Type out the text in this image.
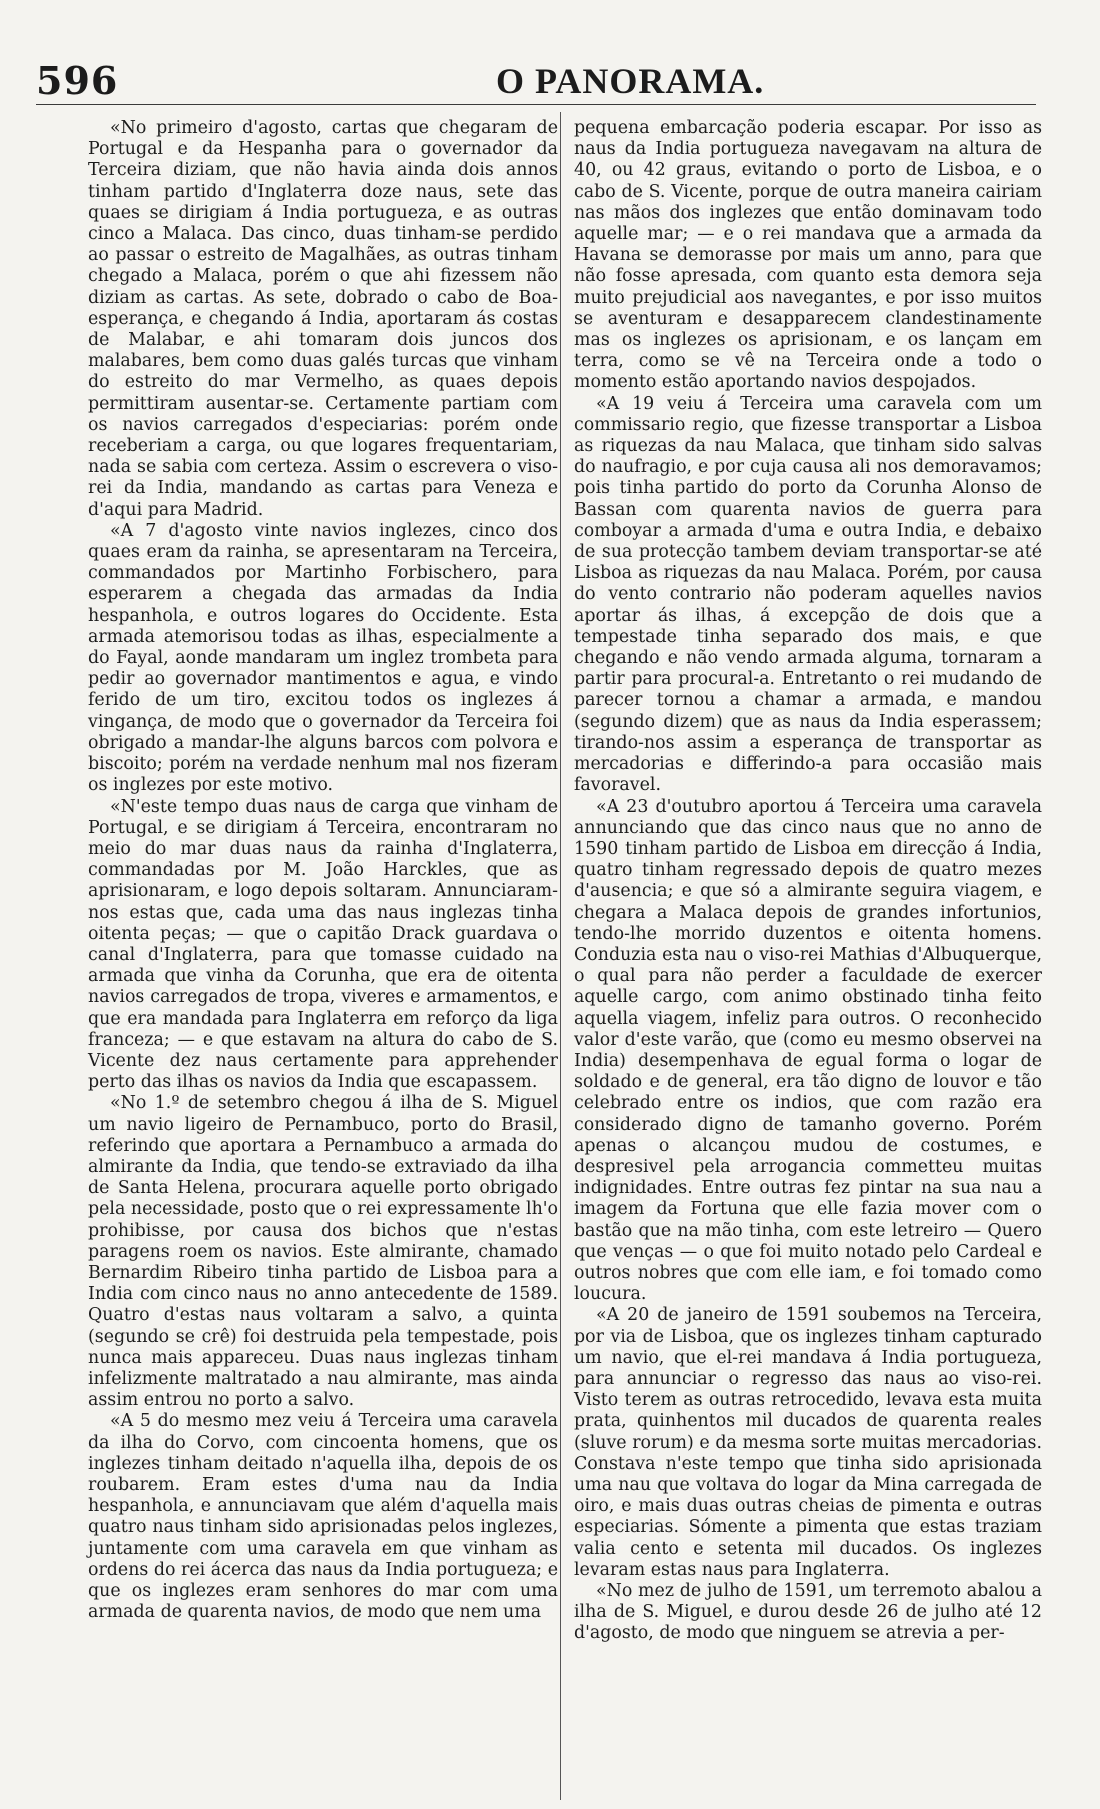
596	O PANORAMA.

«No primeiro d'agosto, cartas que chegaram de Portugal e da Hespanha para o governador da Terceira diziam, que não havia ainda dois annos tinham partido d'Inglaterra doze naus, sete das quaes se dirigiam á India portugueza, e as outras cinco a Malaca. Das cinco, duas tinham-se perdido ao passar o estreito de Magalhães, as outras tinham chegado a Malaca, porém o que ahi fizessem não diziam as cartas. As sete, dobrado o cabo de Boa-esperança, e chegando á India, aportaram ás costas de Malabar, e ahi tomaram dois juncos dos malabares, bem como duas galés turcas que vinham do estreito do mar Vermelho, as quaes depois permittiram ausentar-se. Certamente partiam com os navios carregados d'especiarias: porém onde receberiam a carga, ou que logares frequentariam, nada se sabia com certeza. Assim o escrevera o viso-rei da India, mandando as cartas para Veneza e d'aqui para Madrid.

«A 7 d'agosto vinte navios inglezes, cinco dos quaes eram da rainha, se apresentaram na Terceira, commandados por Martinho Forbischero, para esperarem a chegada das armadas da India hespanhola, e outros logares do Occidente. Esta armada atemorisou todas as ilhas, especialmente a do Fayal, aonde mandaram um inglez trombeta para pedir ao governador mantimentos e agua, e vindo ferido de um tiro, excitou todos os inglezes á vingança, de modo que o governador da Terceira foi obrigado a mandar-lhe alguns barcos com polvora e biscoito; porém na verdade nenhum mal nos fizeram os inglezes por este motivo.

«N'este tempo duas naus de carga que vinham de Portugal, e se dirigiam á Terceira, encontraram no meio do mar duas naus da rainha d'Inglaterra, commandadas por M. João Harckles, que as aprisionaram, e logo depois soltaram. Annunciaram-nos estas que, cada uma das naus inglezas tinha oitenta peças; — que o capitão Drack guardava o canal d'Inglaterra, para que tomasse cuidado na armada que vinha da Corunha, que era de oitenta navios carregados de tropa, viveres e armamentos, e que era mandada para Inglaterra em reforço da liga franceza; — e que estavam na altura do cabo de S. Vicente dez naus certamente para apprehender perto das ilhas os navios da India que escapassem.

«No 1.º de setembro chegou á ilha de S. Miguel um navio ligeiro de Pernambuco, porto do Brasil, referindo que aportara a Pernambuco a armada do almirante da India, que tendo-se extraviado da ilha de Santa Helena, procurara aquelle porto obrigado pela necessidade, posto que o rei expressamente lh'o prohibisse, por causa dos bichos que n'estas paragens roem os navios. Este almirante, chamado Bernardim Ribeiro tinha partido de Lisboa para a India com cinco naus no anno antecedente de 1589. Quatro d'estas naus voltaram a salvo, a quinta (segundo se crê) foi destruida pela tempestade, pois nunca mais appareceu. Duas naus inglezas tinham infelizmente maltratado a nau almirante, mas ainda assim entrou no porto a salvo.

«A 5 do mesmo mez veiu á Terceira uma caravela da ilha do Corvo, com cincoenta homens, que os inglezes tinham deitado n'aquella ilha, depois de os roubarem. Eram estes d'uma nau da India hespanhola, e annunciavam que além d'aquella mais quatro naus tinham sido aprisionadas pelos inglezes, juntamente com uma caravela em que vinham as ordens do rei ácerca das naus da India portugueza; e que os inglezes eram senhores do mar com uma armada de quarenta navios, de modo que nem uma

pequena embarcação poderia escapar. Por isso as naus da India portugueza navegavam na altura de 40, ou 42 graus, evitando o porto de Lisboa, e o cabo de S. Vicente, porque de outra maneira cairiam nas mãos dos inglezes que então dominavam todo aquelle mar; — e o rei mandava que a armada da Havana se demorasse por mais um anno, para que não fosse apresada, com quanto esta demora seja muito prejudicial aos navegantes, e por isso muitos se aventuram e desapparecem clandestinamente mas os inglezes os aprisionam, e os lançam em terra, como se vê na Terceira onde a todo o momento estão aportando navios despojados.

«A 19 veiu á Terceira uma caravela com um commissario regio, que fizesse transportar a Lisboa as riquezas da nau Malaca, que tinham sido salvas do naufragio, e por cuja causa ali nos demoravamos; pois tinha partido do porto da Corunha Alonso de Bassan com quarenta navios de guerra para comboyar a armada d'uma e outra India, e debaixo de sua protecção tambem deviam transportar-se até Lisboa as riquezas da nau Malaca. Porém, por causa do vento contrario não poderam aquelles navios aportar ás ilhas, á excepção de dois que a tempestade tinha separado dos mais, e que chegando e não vendo armada alguma, tornaram a partir para procural-a. Entretanto o rei mudando de parecer tornou a chamar a armada, e mandou (segundo dizem) que as naus da India esperassem; tirando-nos assim a esperança de transportar as mercadorias e differindo-a para occasião mais favoravel.

«A 23 d'outubro aportou á Terceira uma caravela annunciando que das cinco naus que no anno de 1590 tinham partido de Lisboa em direcção á India, quatro tinham regressado depois de quatro mezes d'ausencia; e que só a almirante seguira viagem, e chegara a Malaca depois de grandes infortunios, tendo-lhe morrido duzentos e oitenta homens. Conduzia esta nau o viso-rei Mathias d'Albuquerque, o qual para não perder a faculdade de exercer aquelle cargo, com animo obstinado tinha feito aquella viagem, infeliz para outros. O reconhecido valor d'este varão, que (como eu mesmo observei na India) desempenhava de egual forma o logar de soldado e de general, era tão digno de louvor e tão celebrado entre os indios, que com razão era considerado digno de tamanho governo. Porém apenas o alcançou mudou de costumes, e despresivel pela arrogancia commetteu muitas indignidades. Entre outras fez pintar na sua nau a imagem da Fortuna que elle fazia mover com o bastão que na mão tinha, com este letreiro — Quero que venças — o que foi muito notado pelo Cardeal e outros nobres que com elle iam, e foi tomado como loucura.

«A 20 de janeiro de 1591 soubemos na Terceira, por via de Lisboa, que os inglezes tinham capturado um navio, que el-rei mandava á India portugueza, para annunciar o regresso das naus ao viso-rei. Visto terem as outras retrocedido, levava esta muita prata, quinhentos mil ducados de quarenta reales (sluve rorum) e da mesma sorte muitas mercadorias. Constava n'este tempo que tinha sido aprisionada uma nau que voltava do logar da Mina carregada de oiro, e mais duas outras cheias de pimenta e outras especiarias. Sómente a pimenta que estas traziam valia cento e setenta mil ducados. Os inglezes levaram estas naus para Inglaterra.

«No mez de julho de 1591, um terremoto abalou a ilha de S. Miguel, e durou desde 26 de julho até 12 d'agosto, de modo que ninguem se atrevia a per-
